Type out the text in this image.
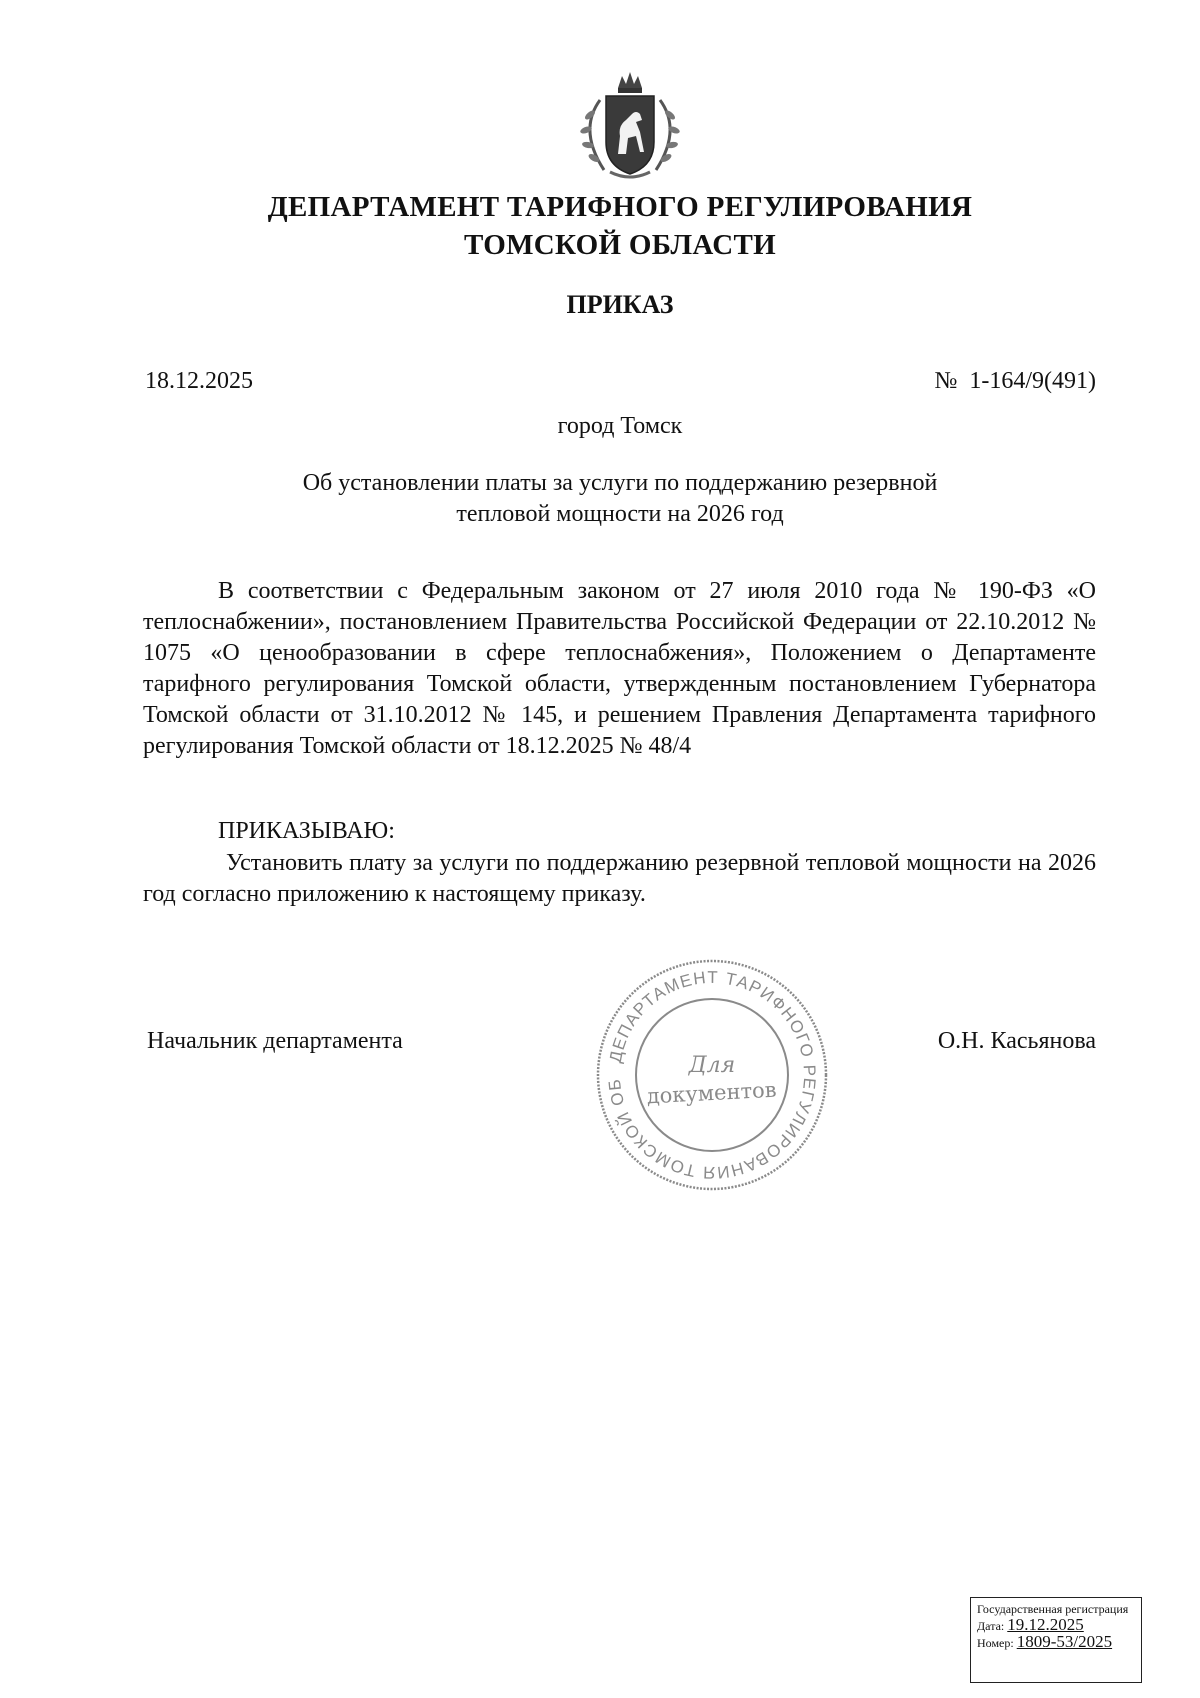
ДЕПАРТАМЕНТ ТАРИФНОГО РЕГУЛИРОВАНИЯ
ТОМСКОЙ ОБЛАСТИ
ПРИКАЗ
18.12.2025	№ 1-164/9(491)
город Томск
Об установлении платы за услуги по поддержанию резервной
тепловой мощности на 2026 год
В соответствии с Федеральным законом от 27 июля 2010 года № 190-ФЗ «О теплоснабжении», постановлением Правительства Российской Федерации от 22.10.2012 № 1075 «О ценообразовании в сфере теплоснабжения», Положением о Департаменте тарифного регулирования Томской области, утвержденным постановлением Губернатора Томской области от 31.10.2012 № 145, и решением Правления Департамента тарифного регулирования Томской области от 18.12.2025 № 48/4
ПРИКАЗЫВАЮ:
Установить плату за услуги по поддержанию резервной тепловой мощности на 2026 год согласно приложению к настоящему приказу.
Начальник департамента	О.Н. Касьянова
ДЕПАРТАМЕНТ ТАРИФНОГО РЕГУЛИРОВАНИЯ ТОМСКОЙ ОБ
Для
документов
Государственная регистрация
Дата: 19.12.2025
Номер: 1809-53/2025
